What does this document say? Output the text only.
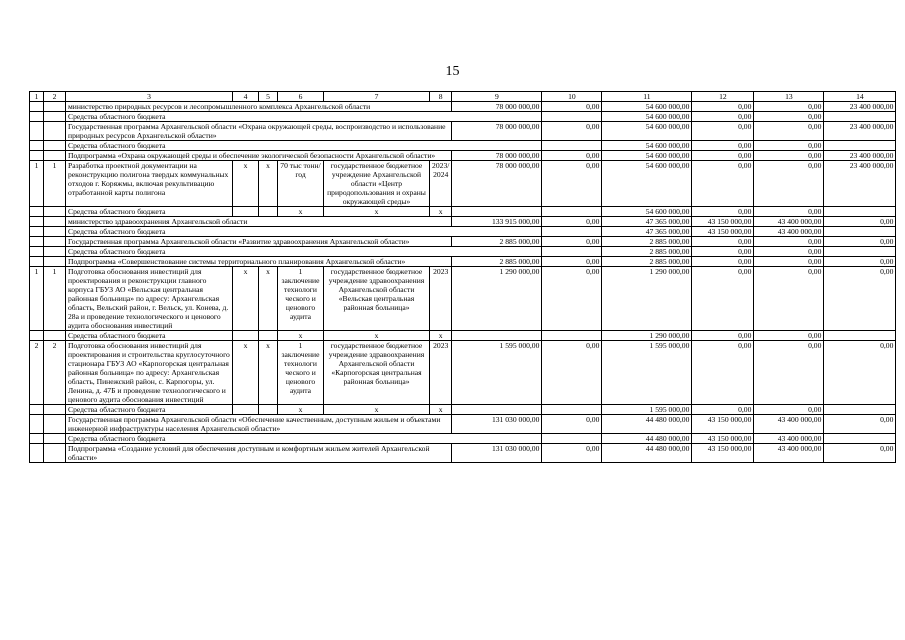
15
1	2	3	4	5	6	7	8	9	10	11	12	13	14
		министерство природных ресурсов и лесопромышленного комплекса Архангельской области						78 000 000,00	0,00	54 600 000,00	0,00	0,00	23 400 000,00
		Средства областного бюджета								54 600 000,00	0,00	0,00	
		Государственная программа Архангельской области «Охрана окружающей среды, воспроизводство и использование природных ресурсов Архангельской области»						78 000 000,00	0,00	54 600 000,00	0,00	0,00	23 400 000,00
		Средства областного бюджета								54 600 000,00	0,00	0,00	
		Подпрограмма «Охрана окружающей среды и обеспечение экологической безопасности Архангельской области»						78 000 000,00	0,00	54 600 000,00	0,00	0,00	23 400 000,00
1	1	Разработка проектной документации на реконструкцию полигона твердых коммунальных отходов г. Коряжмы, включая рекультивацию отработанной карты полигона	х	х	70 тыс тонн/год	государственное бюджетное учреждение Архангельской области «Центр природопользования и охраны окружающей среды»	2023/ 2024	78 000 000,00	0,00	54 600 000,00	0,00	0,00	23 400 000,00
		Средства областного бюджета			х	х	х			54 600 000,00	0,00	0,00	
		министерство здравоохранения Архангельской области						133 915 000,00	0,00	47 365 000,00	43 150 000,00	43 400 000,00	0,00
		Средства областного бюджета								47 365 000,00	43 150 000,00	43 400 000,00	
		Государственная программа Архангельской области «Развитие здравоохранения Архангельской области»						2 885 000,00	0,00	2 885 000,00	0,00	0,00	0,00
		Средства областного бюджета								2 885 000,00	0,00	0,00	
		Подпрограмма «Совершенствование системы территориального планирования Архангельской области»						2 885 000,00	0,00	2 885 000,00	0,00	0,00	0,00
1	1	Подготовка обоснования инвестиций для проектирования и реконструкции главного корпуса ГБУЗ АО «Вельская центральная районная больница» по адресу: Архангельская область, Вельский район, г. Вельск, ул. Конева, д. 28а и проведение технологического и ценового аудита обоснования инвестиций	х	х	1 заключение технологи ческого и ценового аудита	государственное бюджетное учреждение здравоохранения Архангельской области «Вельская центральная районная больница»	2023	1 290 000,00	0,00	1 290 000,00	0,00	0,00	0,00
		Средства областного бюджета			х	х	х			1 290 000,00	0,00	0,00	
2	2	Подготовка обоснования инвестиций для проектирования и строительства круглосуточного стационара ГБУЗ АО «Карпогорская центральная районная больница» по адресу: Архангельская область, Пинежский район, с. Карпогоры, ул. Ленина, д. 47Б и проведение технологического и ценового аудита обоснования инвестиций	х	х	1 заключение технологи ческого и ценового аудита	государственное бюджетное учреждение здравоохранения Архангельской области «Карпогорская центральная районная больница»	2023	1 595 000,00	0,00	1 595 000,00	0,00	0,00	0,00
		Средства областного бюджета			х	х	х			1 595 000,00	0,00	0,00	
		Государственная программа Архангельской области «Обеспечение качественным, доступным жильем и объектами инженерной инфраструктуры населения Архангельской области»						131 030 000,00	0,00	44 480 000,00	43 150 000,00	43 400 000,00	0,00
		Средства областного бюджета								44 480 000,00	43 150 000,00	43 400 000,00	
		Подпрограмма «Создание условий для обеспечения доступным и комфортным жильем жителей Архангельской области»						131 030 000,00	0,00	44 480 000,00	43 150 000,00	43 400 000,00	0,00
